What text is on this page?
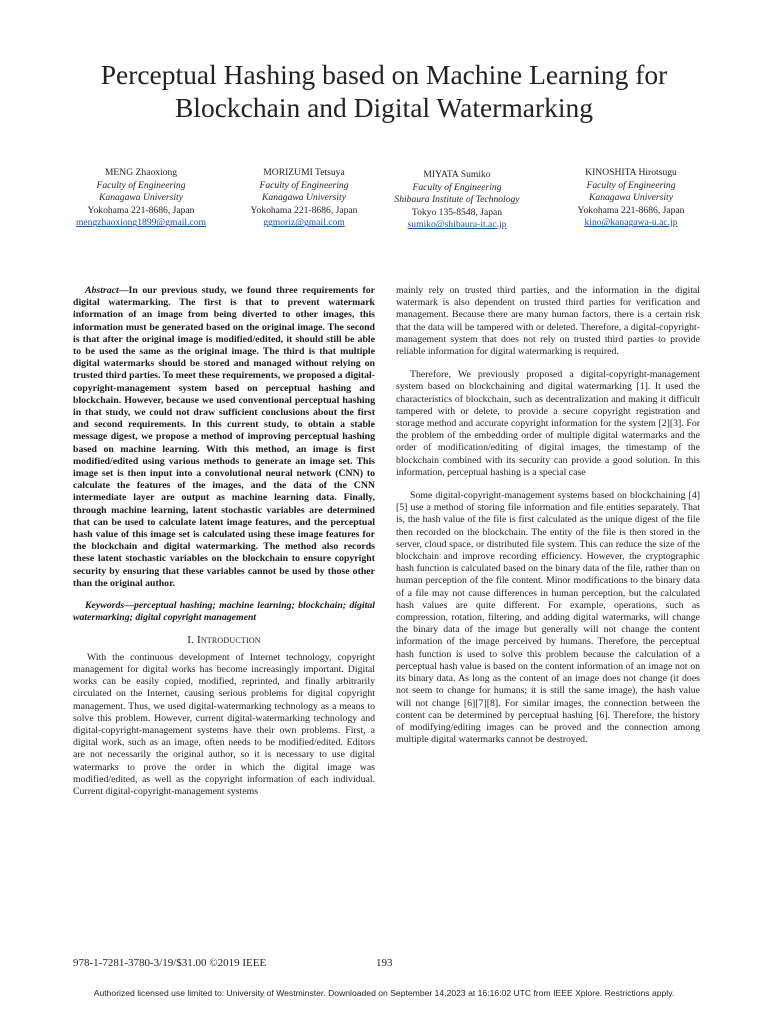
Perceptual Hashing based on Machine Learning for
Blockchain and Digital Watermarking
MENG Zhaoxiong
Faculty of Engineering
Kanagawa University
Yokohama 221-8686, Japan
mengzhaoxiong1899@gmail.com
MORIZUMI Tetsuya
Faculty of Engineering
Kanagawa University
Yokohama 221-8686, Japan
ggmoriz@gmail.com
MIYATA Sumiko
Faculty of Engineering
Shibaura Institute of Technology
Tokyo 135-8548, Japan
sumiko@shibaura-it.ac.jp
KINOSHITA Hirotsugu
Faculty of Engineering
Kanagawa University
Yokohama 221-8686, Japan
kino@kanagawa-u.ac.jp

Abstract—In our previous study, we found three requirements for digital watermarking. The first is that to prevent watermark information of an image from being diverted to other images, this information must be generated based on the original image. The second is that after the original image is modified/edited, it should still be able to be used the same as the original image. The third is that multiple digital watermarks should be stored and managed without relying on trusted third parties. To meet these requirements, we proposed a digital-copyright-management system based on perceptual hashing and blockchain. However, because we used conventional perceptual hashing in that study, we could not draw sufficient conclusions about the first and second requirements. In this current study, to obtain a stable message digest, we propose a method of improving perceptual hashing based on machine learning. With this method, an image is first modified/edited using various methods to generate an image set. This image set is then input into a convolutional neural network (CNN) to calculate the features of the images, and the data of the CNN intermediate layer are output as machine learning data. Finally, through machine learning, latent stochastic variables are determined that can be used to calculate latent image features, and the perceptual hash value of this image set is calculated using these image features for the blockchain and digital watermarking. The method also records these latent stochastic variables on the blockchain to ensure copyright security by ensuring that these variables cannot be used by those other than the original author.

Keywords—perceptual hashing; machine learning; blockchain; digital watermarking; digital copyright management

I. Introduction

With the continuous development of Internet technology, copyright management for digital works has become increasingly important. Digital works can be easily copied, modified, reprinted, and finally arbitrarily circulated on the Internet, causing serious problems for digital copyright management. Thus, we used digital-watermarking technology as a means to solve this problem. However, current digital-watermarking technology and digital-copyright-management systems have their own problems. First, a digital work, such as an image, often needs to be modified/edited. Editors are not necessarily the original author, so it is necessary to use digital watermarks to prove the order in which the digital image was modified/edited, as well as the copyright information of each individual. Current digital-copyright-management systems

mainly rely on trusted third parties, and the information in the digital watermark is also dependent on trusted third parties for verification and management. Because there are many human factors, there is a certain risk that the data will be tampered with or deleted. Therefore, a digital-copyright-management system that does not rely on trusted third parties to provide reliable information for digital watermarking is required.

Therefore, We previously proposed a digital-copyright-management system based on blockchaining and digital watermarking [1]. It used the characteristics of blockchain, such as decentralization and making it difficult tampered with or delete, to provide a secure copyright registration and storage method and accurate copyright information for the system [2][3]. For the problem of the embedding order of multiple digital watermarks and the order of modification/editing of digital images, the timestamp of the blockchain combined with its security can provide a good solution. In this information, perceptual hashing is a special case

Some digital-copyright-management systems based on blockchaining [4][5] use a method of storing file information and file entities separately. That is, the hash value of the file is first calculated as the unique digest of the file then recorded on the blockchain. The entity of the file is then stored in the server, cloud space, or distributed file system. This can reduce the size of the blockchain and improve recording efficiency. However, the cryptographic hash function is calculated based on the binary data of the file, rather than on human perception of the file content. Minor modifications to the binary data of a file may not cause differences in human perception, but the calculated hash values are quite different. For example, operations, such as compression, rotation, filtering, and adding digital watermarks, will change the binary data of the image but generally will not change the content information of the image perceived by humans. Therefore, the perceptual hash function is used to solve this problem because the calculation of a perceptual hash value is based on the content information of an image not on its binary data. As long as the content of an image does not change (it does not seem to change for humans; it is still the same image), the hash value will not change [6][7][8]. For similar images, the connection between the content can be determined by perceptual hashing [6]. Therefore, the history of modifying/editing images can be proved and the connection among multiple digital watermarks cannot be destroyed.

978-1-7281-3780-3/19/$31.00 ©2019 IEEE	193
Authorized licensed use limited to: University of Westminster. Downloaded on September 14,2023 at 16:16:02 UTC from IEEE Xplore. Restrictions apply.
